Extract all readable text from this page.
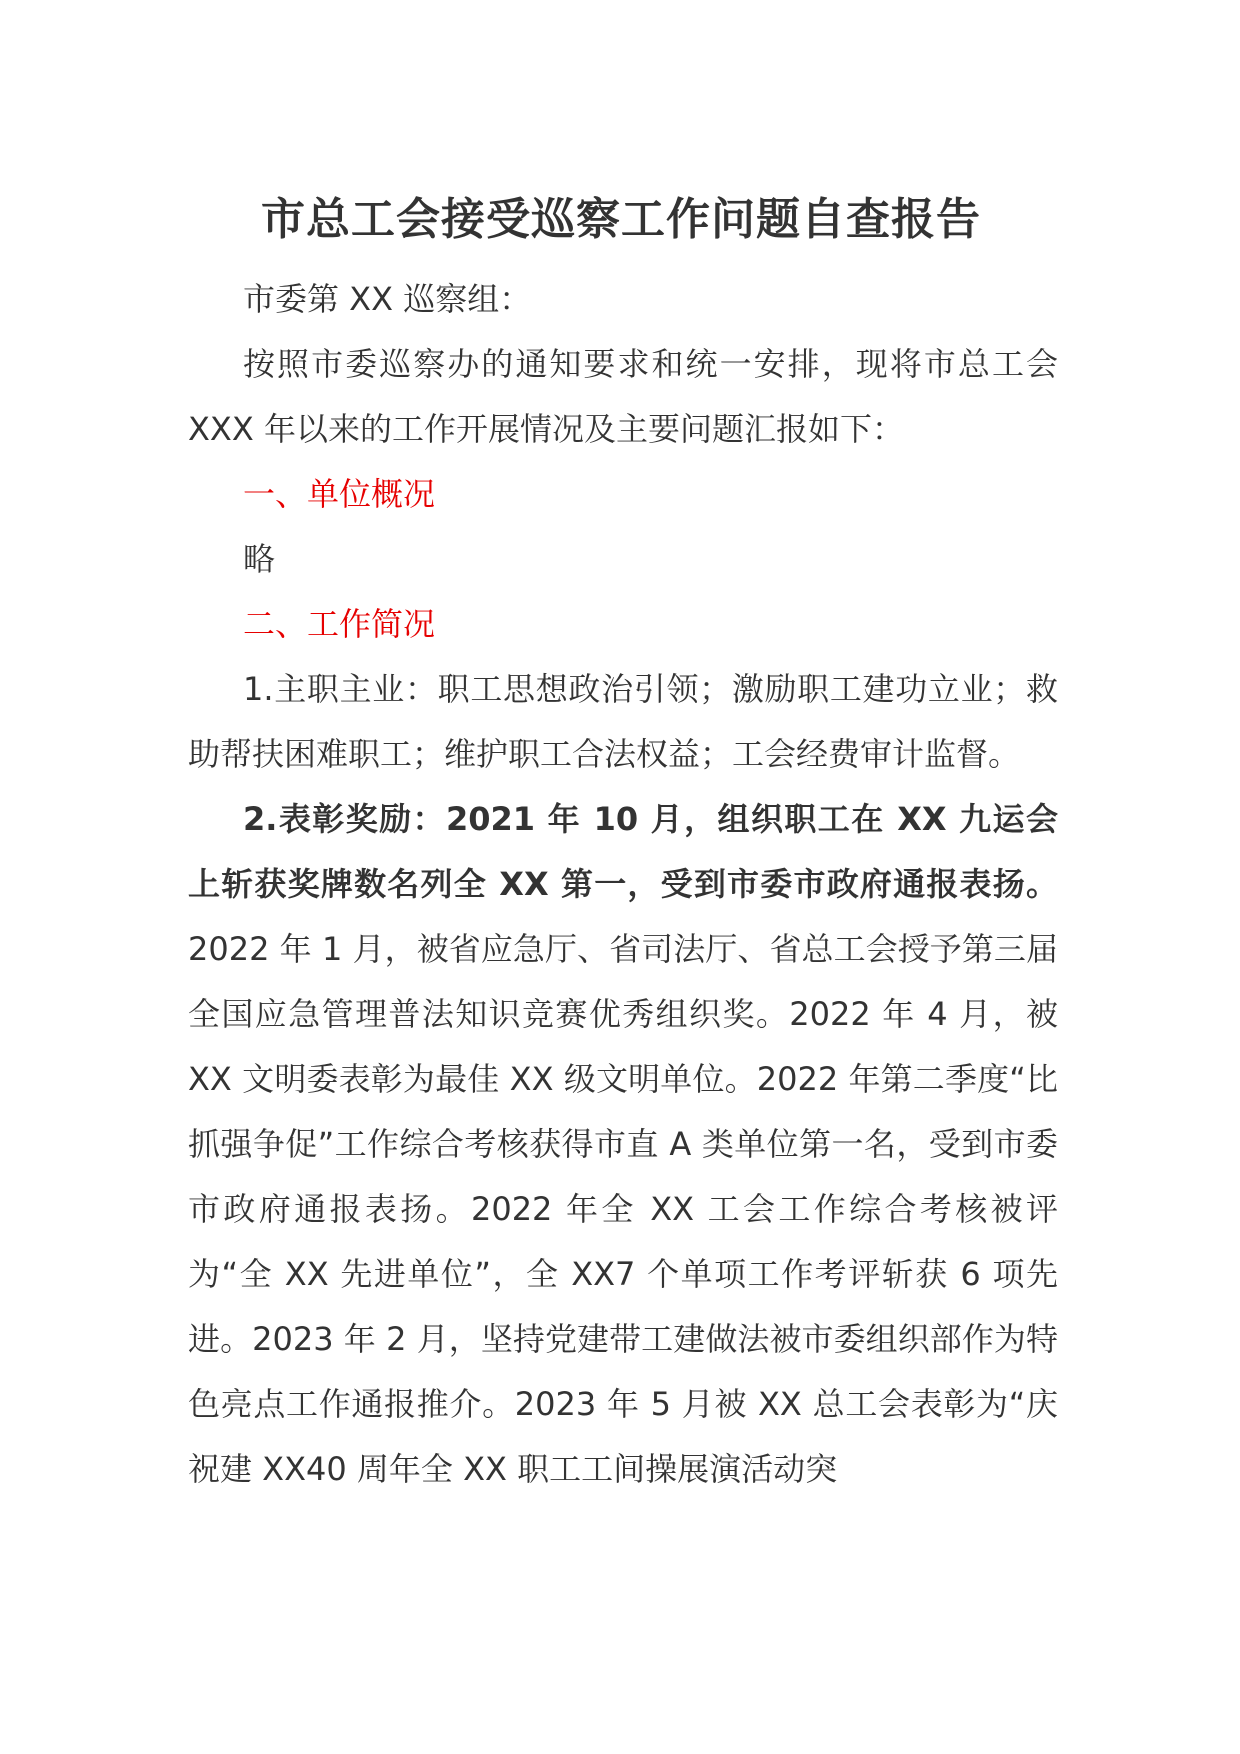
市总工会接受巡察工作问题自查报告

市委第 XX 巡察组：

按照市委巡察办的通知要求和统一安排，现将市总工会 XXX 年以来的工作开展情况及主要问题汇报如下：

一、单位概况

略

二、工作简况

1.主职主业：职工思想政治引领；激励职工建功立业；救助帮扶困难职工；维护职工合法权益；工会经费审计监督。

2.表彰奖励：2021 年 10 月，组织职工在 XX 九运会上斩获奖牌数名列全 XX 第一，受到市委市政府通报表扬。2022 年 1 月，被省应急厅、省司法厅、省总工会授予第三届全国应急管理普法知识竞赛优秀组织奖。2022 年 4 月，被 XX 文明委表彰为最佳 XX 级文明单位。2022 年第二季度“比抓强争促”工作综合考核获得市直 A 类单位第一名，受到市委市政府通报表扬。2022 年全 XX 工会工作综合考核被评为“全 XX 先进单位”，全 XX7 个单项工作考评斩获 6 项先进。2023 年 2 月，坚持党建带工建做法被市委组织部作为特色亮点工作通报推介。2023 年 5 月被 XX 总工会表彰为“庆祝建 XX40 周年全 XX 职工工间操展演活动突
